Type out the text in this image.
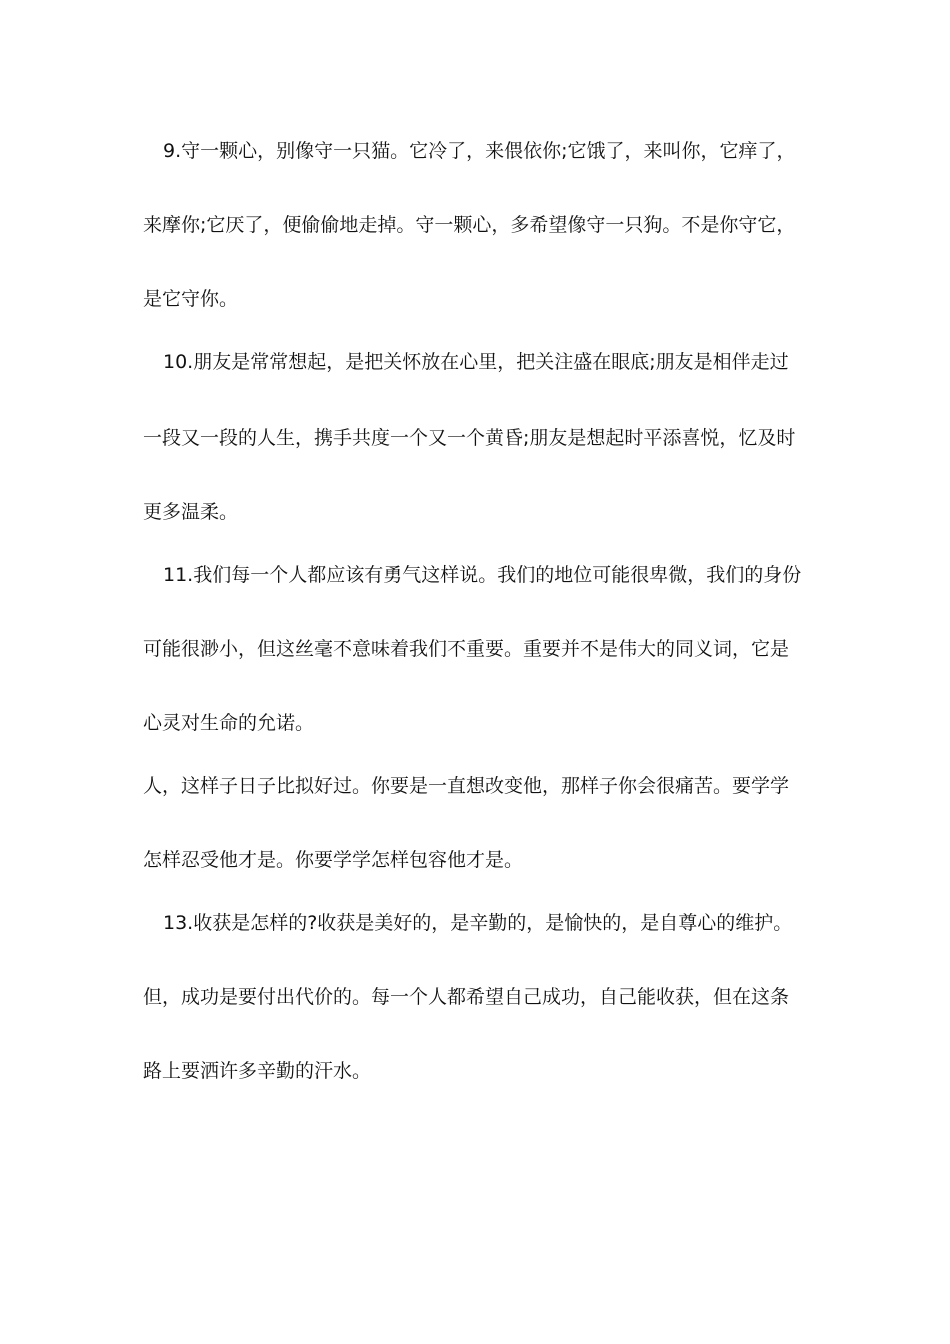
9.守一颗心，别像守一只猫。它冷了，来偎依你;它饿了，来叫你，它痒了，
来摩你;它厌了，便偷偷地走掉。守一颗心，多希望像守一只狗。不是你守它，
是它守你。
10.朋友是常常想起，是把关怀放在心里，把关注盛在眼底;朋友是相伴走过
一段又一段的人生，携手共度一个又一个黄昏;朋友是想起时平添喜悦，忆及时
更多温柔。
11.我们每一个人都应该有勇气这样说。我们的地位可能很卑微，我们的身份
可能很渺小，但这丝毫不意味着我们不重要。重要并不是伟大的同义词，它是
心灵对生命的允诺。
人，这样子日子比拟好过。你要是一直想改变他，那样子你会很痛苦。要学学
怎样忍受他才是。你要学学怎样包容他才是。
13.收获是怎样的?收获是美好的，是辛勤的，是愉快的，是自尊心的维护。
但，成功是要付出代价的。每一个人都希望自己成功，自己能收获，但在这条
路上要洒许多辛勤的汗水。
